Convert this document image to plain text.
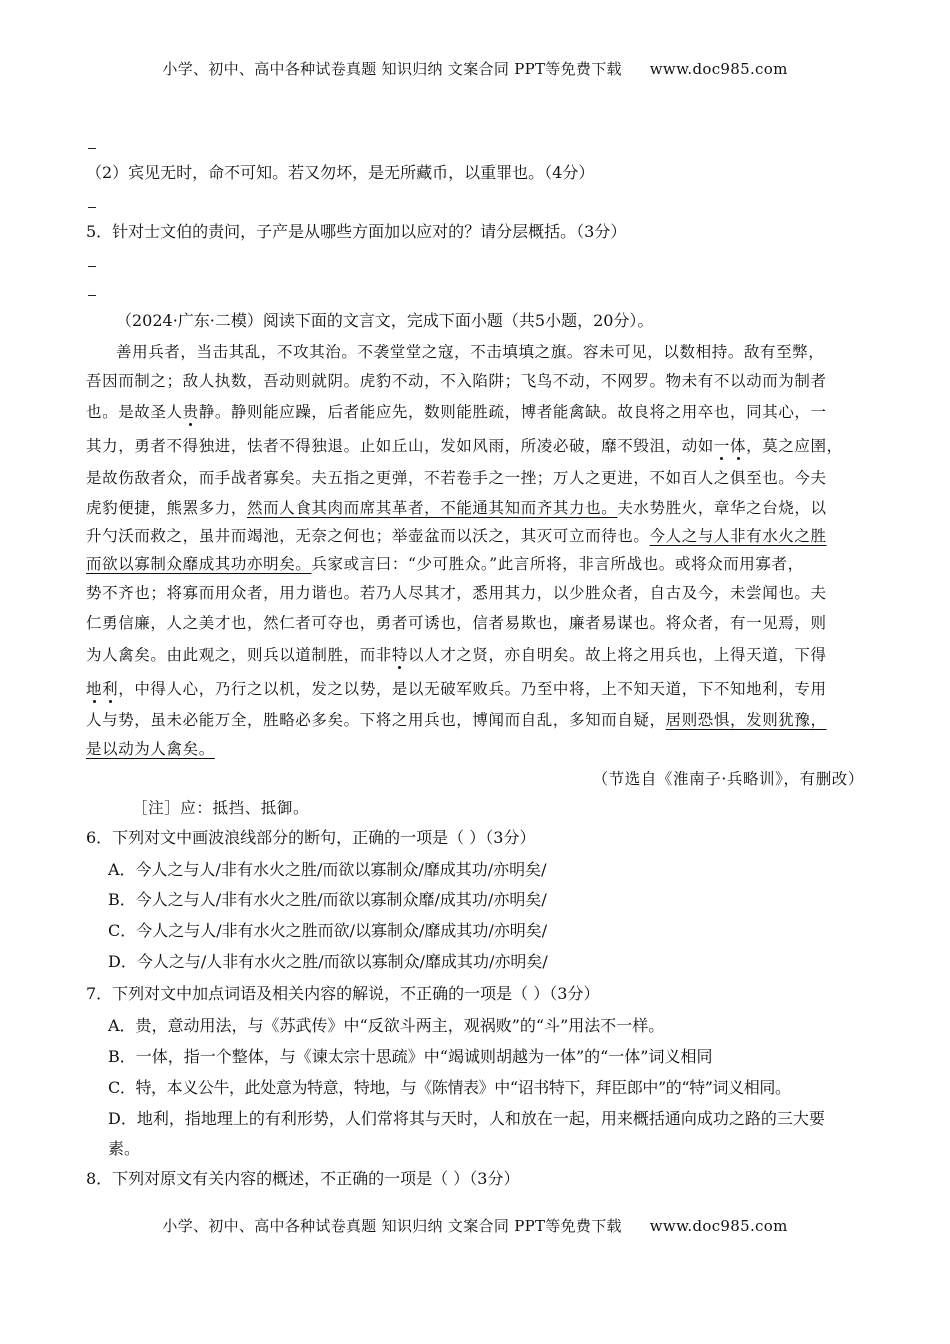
小学、初中、高中各种试卷真题 知识归纳 文案合同 PPT等免费下载 www.doc985.com
（2）宾见无时，命不可知。若又勿坏，是无所藏币，以重罪也。（4分）
5．针对士文伯的责问，子产是从哪些方面加以应对的？请分层概括。（3分）
（2024·广东·二模）阅读下面的文言文，完成下面小题（共5小题，20分）。
善用兵者，当击其乱，不攻其治。不袭堂堂之寇，不击填填之旗。容未可见，以数相持。敌有至弊，
吾因而制之；敌人执数，吾动则就阴。虎豹不动，不入陷阱；飞鸟不动，不网罗。物未有不以动而为制者
也。是故圣人贵静。静则能应躁，后者能应先，数则能胜疏，博者能禽缺。故良将之用卒也，同其心，一
其力，勇者不得独进，怯者不得独退。止如丘山，发如风雨，所凌必破，靡不毁沮，动如一体，莫之应圉，
是故伤敌者众，而手战者寡矣。夫五指之更弹，不若卷手之一挫；万人之更进，不如百人之俱至也。今夫
虎豹便捷，熊罴多力，然而人食其肉而席其革者，不能通其知而齐其力也。夫水势胜火，章华之台烧，以
升勺沃而救之，虽井而竭池，无奈之何也；举壶盆而以沃之，其灭可立而待也。今人之与人非有水火之胜
而欲以寡制众靡成其功亦明矣。兵家或言曰：“少可胜众。”此言所将，非言所战也。或将众而用寡者，
势不齐也；将寡而用众者，用力谐也。若乃人尽其才，悉用其力，以少胜众者，自古及今，未尝闻也。夫
仁勇信廉，人之美才也，然仁者可夺也，勇者可诱也，信者易欺也，廉者易谋也。将众者，有一见焉，则
为人禽矣。由此观之，则兵以道制胜，而非特以人才之贤，亦自明矣。故上将之用兵也，上得天道，下得
地利，中得人心，乃行之以机，发之以势，是以无破军败兵。乃至中将，上不知天道，下不知地利，专用
人与势，虽未必能万全，胜略必多矣。下将之用兵也，博闻而自乱，多知而自疑，居则恐惧，发则犹豫，
是以动为人禽矣。
（节选自《淮南子·兵略训》，有删改）
［注］应：抵挡、抵御。
6．下列对文中画波浪线部分的断句，正确的一项是（ ）（3分）
A．今人之与人/非有水火之胜/而欲以寡制众/靡成其功/亦明矣/
B．今人之与人/非有水火之胜/而欲以寡制众靡/成其功/亦明矣/
C．今人之与人/非有水火之胜而欲/以寡制众/靡成其功/亦明矣/
D．今人之与/人非有水火之胜/而欲以寡制众/靡成其功/亦明矣/
7．下列对文中加点词语及相关内容的解说，不正确的一项是（ ）（3分）
A．贵，意动用法，与《苏武传》中“反欲斗两主，观祸败”的“斗”用法不一样。
B．一体，指一个整体，与《谏太宗十思疏》中“竭诚则胡越为一体”的“一体”词义相同
C．特，本义公牛，此处意为特意，特地，与《陈情表》中“诏书特下，拜臣郎中”的“特”词义相同。
D．地利，指地理上的有利形势，人们常将其与天时，人和放在一起，用来概括通向成功之路的三大要
素。
8．下列对原文有关内容的概述，不正确的一项是（ ）（3分）
小学、初中、高中各种试卷真题 知识归纳 文案合同 PPT等免费下载 www.doc985.com
